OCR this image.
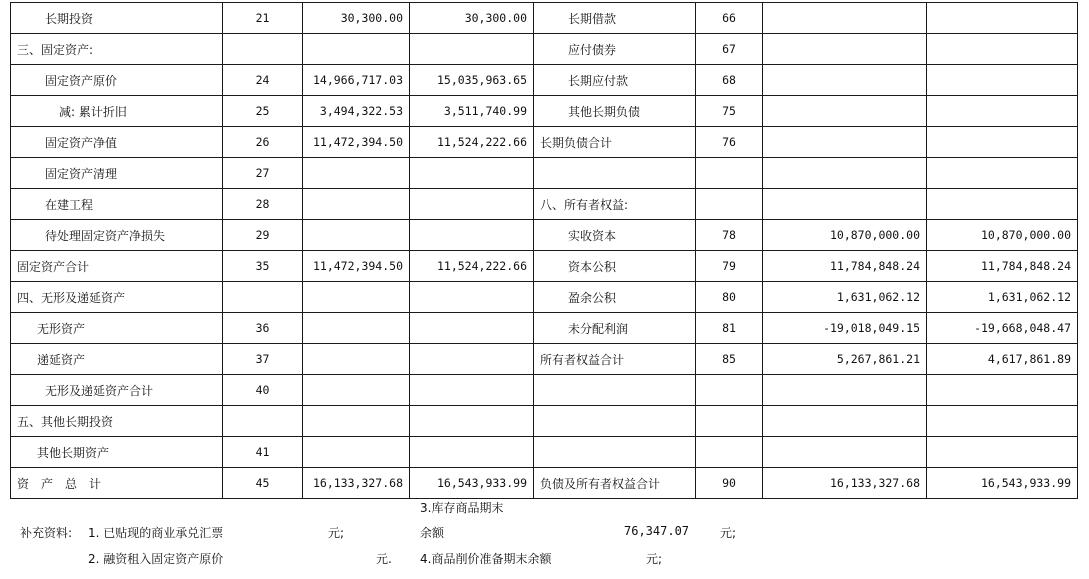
长期投资	21	30,300.00	30,300.00	长期借款	66		
三、固定资产:				应付债券	67		
固定资产原价	24	14,966,717.03	15,035,963.65	长期应付款	68		
减: 累计折旧	25	3,494,322.53	3,511,740.99	其他长期负债	75		
固定资产净值	26	11,472,394.50	11,524,222.66	长期负债合计	76		
固定资产清理	27						
在建工程	28			八、所有者权益:			
待处理固定资产净损失	29			实收资本	78	10,870,000.00	10,870,000.00
固定资产合计	35	11,472,394.50	11,524,222.66	资本公积	79	11,784,848.24	11,784,848.24
四、无形及递延资产				盈余公积	80	1,631,062.12	1,631,062.12
无形资产	36			未分配利润	81	-19,018,049.15	-19,668,048.47
递延资产	37			所有者权益合计	85	5,267,861.21	4,617,861.89
无形及递延资产合计	40						
五、其他长期投资							
其他长期资产	41						
资　产　总　计	45	16,133,327.68	16,543,933.99	负债及所有者权益合计	90	16,133,327.68	16,543,933.99
补充资料: 1. 已贴现的商业承兑汇票	元;
2. 融资租入固定资产原价	元.
3.库存商品期末
余额	76,347.07	元;
4.商品削价准备期末余额	元;
